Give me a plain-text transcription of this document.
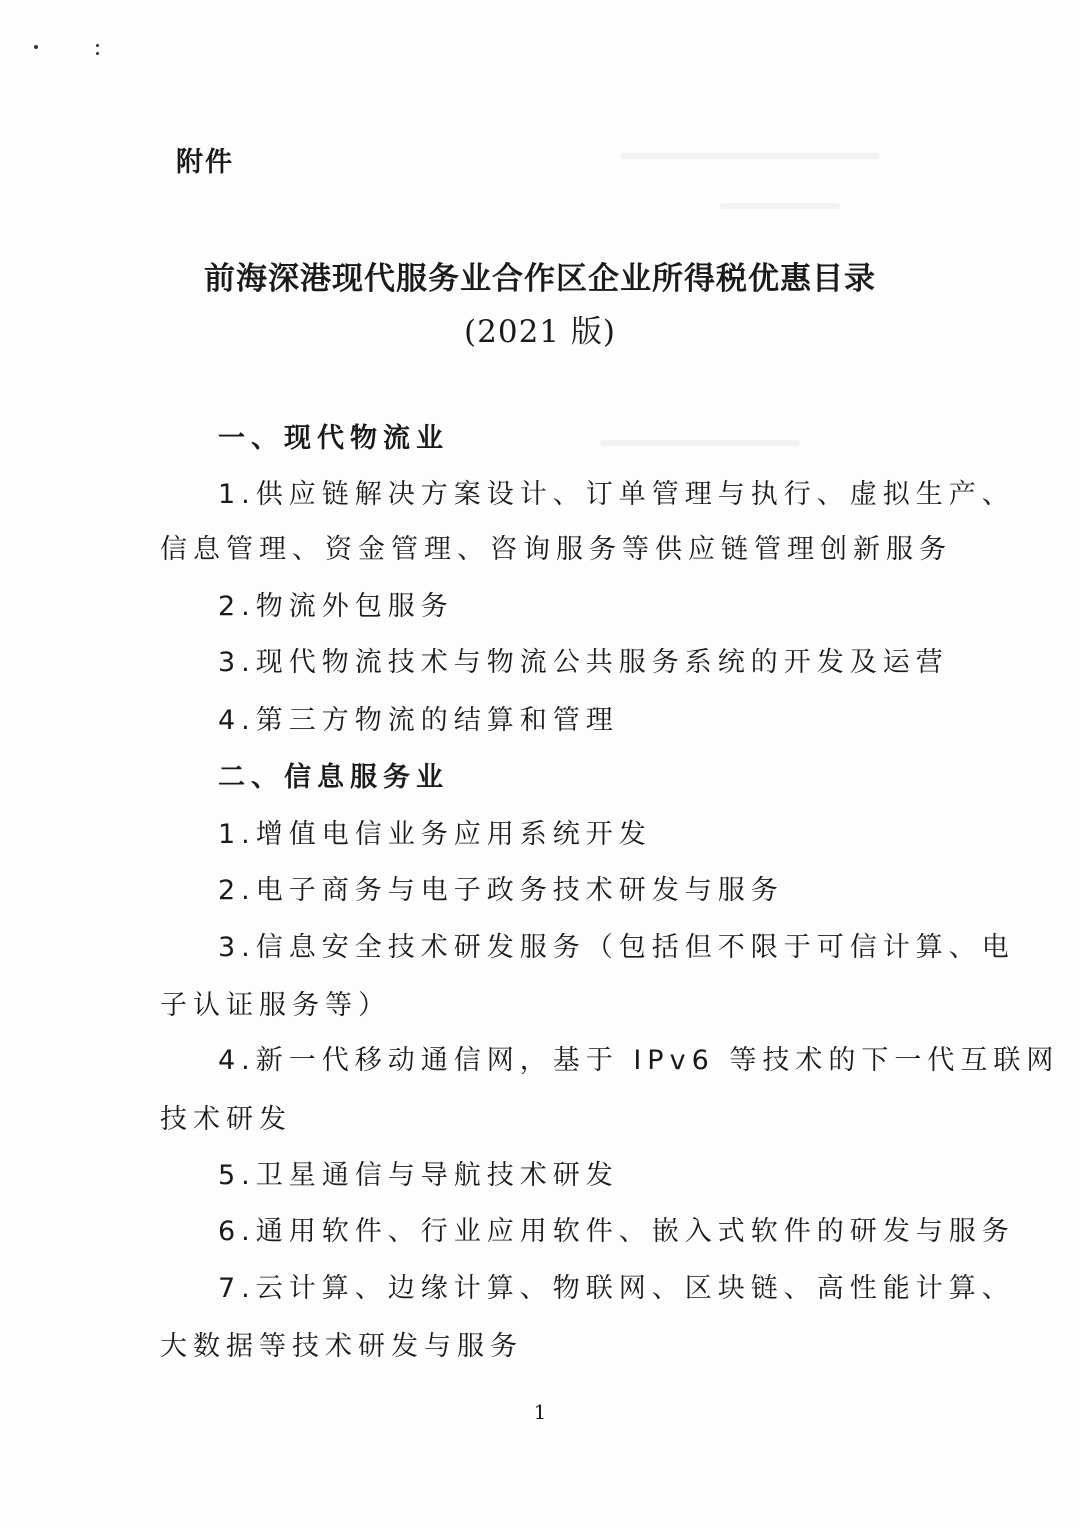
附件
前海深港现代服务业合作区企业所得税优惠目录
(2021 版)
一、现代物流业
1.供应链解决方案设计、订单管理与执行、虚拟生产、
信息管理、资金管理、咨询服务等供应链管理创新服务
2.物流外包服务
3.现代物流技术与物流公共服务系统的开发及运营
4.第三方物流的结算和管理
二、信息服务业
1.增值电信业务应用系统开发
2.电子商务与电子政务技术研发与服务
3.信息安全技术研发服务（包括但不限于可信计算、电
子认证服务等）
4.新一代移动通信网，基于 IPv6 等技术的下一代互联网
技术研发
5.卫星通信与导航技术研发
6.通用软件、行业应用软件、嵌入式软件的研发与服务
7.云计算、边缘计算、物联网、区块链、高性能计算、
大数据等技术研发与服务
1
